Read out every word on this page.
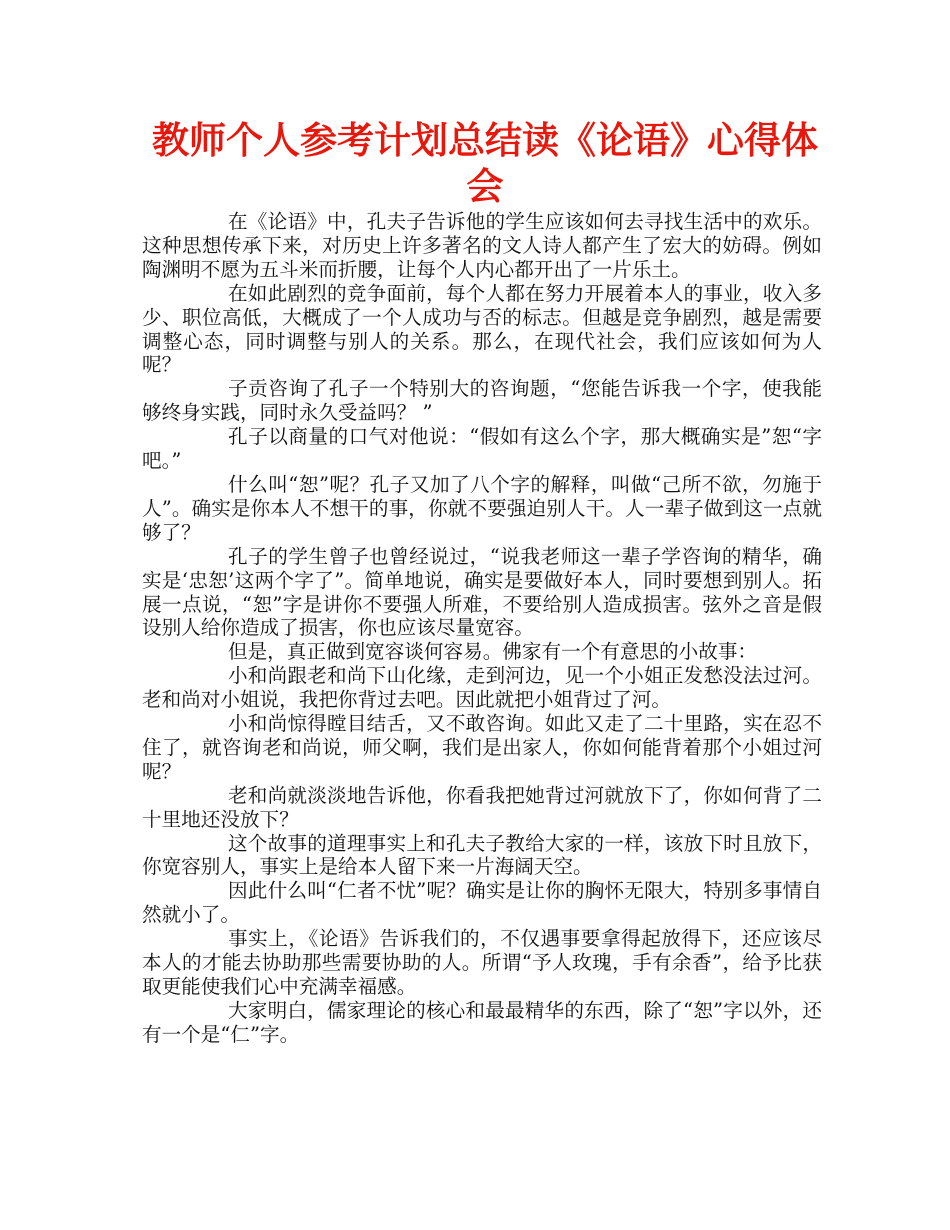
教师个人参考计划总结读《论语》心得体会

在《论语》中，孔夫子告诉他的学生应该如何去寻找生活中的欢乐。这种思想传承下来，对历史上许多著名的文人诗人都产生了宏大的妨碍。例如陶渊明不愿为五斗米而折腰，让每个人内心都开出了一片乐土。

在如此剧烈的竞争面前，每个人都在努力开展着本人的事业，收入多少、职位高低，大概成了一个人成功与否的标志。但越是竞争剧烈，越是需要调整心态，同时调整与别人的关系。那么，在现代社会，我们应该如何为人呢？

子贡咨询了孔子一个特别大的咨询题，“您能告诉我一个字，使我能够终身实践，同时永久受益吗？ ”

孔子以商量的口气对他说：“假如有这么个字，那大概确实是”恕“字吧。”

什么叫“恕”呢？孔子又加了八个字的解释，叫做“己所不欲，勿施于人”。确实是你本人不想干的事，你就不要强迫别人干。人一辈子做到这一点就够了？

孔子的学生曾子也曾经说过，“说我老师这一辈子学咨询的精华，确实是‘忠恕’这两个字了”。简单地说，确实是要做好本人，同时要想到别人。拓展一点说，“恕”字是讲你不要强人所难，不要给别人造成损害。弦外之音是假设别人给你造成了损害，你也应该尽量宽容。

但是，真正做到宽容谈何容易。佛家有一个有意思的小故事：

小和尚跟老和尚下山化缘，走到河边，见一个小姐正发愁没法过河。老和尚对小姐说，我把你背过去吧。因此就把小姐背过了河。

小和尚惊得瞠目结舌，又不敢咨询。如此又走了二十里路，实在忍不住了，就咨询老和尚说，师父啊，我们是出家人，你如何能背着那个小姐过河呢？

老和尚就淡淡地告诉他，你看我把她背过河就放下了，你如何背了二十里地还没放下？

这个故事的道理事实上和孔夫子教给大家的一样，该放下时且放下，你宽容别人，事实上是给本人留下来一片海阔天空。

因此什么叫“仁者不忧”呢？确实是让你的胸怀无限大，特别多事情自然就小了。

事实上，《论语》告诉我们的，不仅遇事要拿得起放得下，还应该尽本人的才能去协助那些需要协助的人。所谓“予人玫瑰，手有余香”，给予比获取更能使我们心中充满幸福感。

大家明白，儒家理论的核心和最最精华的东西，除了“恕”字以外，还有一个是“仁”字。
